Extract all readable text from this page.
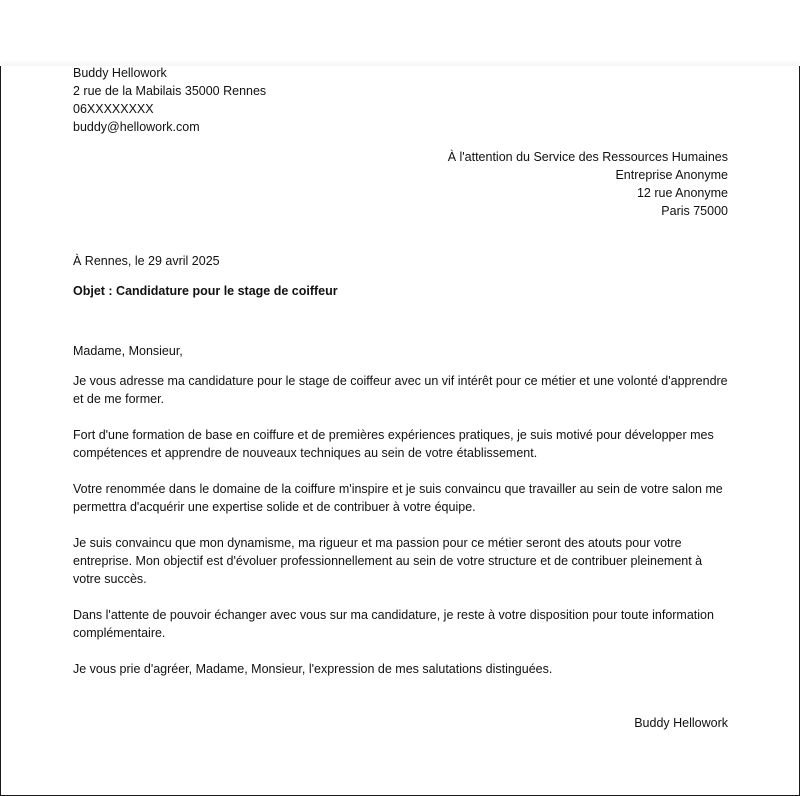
Buddy Hellowork
2 rue de la Mabilais 35000 Rennes
06XXXXXXXX
buddy@hellowork.com
À l'attention du Service des Ressources Humaines
Entreprise Anonyme
12 rue Anonyme
Paris 75000
À Rennes, le 29 avril 2025
Objet : Candidature pour le stage de coiffeur
Madame, Monsieur,
Je vous adresse ma candidature pour le stage de coiffeur avec un vif intérêt pour ce métier et une volonté d'apprendre et de me former.
Fort d'une formation de base en coiffure et de premières expériences pratiques, je suis motivé pour développer mes compétences et apprendre de nouveaux techniques au sein de votre établissement.
Votre renommée dans le domaine de la coiffure m'inspire et je suis convaincu que travailler au sein de votre salon me permettra d'acquérir une expertise solide et de contribuer à votre équipe.
Je suis convaincu que mon dynamisme, ma rigueur et ma passion pour ce métier seront des atouts pour votre entreprise. Mon objectif est d'évoluer professionnellement au sein de votre structure et de contribuer pleinement à votre succès.
Dans l'attente de pouvoir échanger avec vous sur ma candidature, je reste à votre disposition pour toute information complémentaire.
Je vous prie d'agréer, Madame, Monsieur, l'expression de mes salutations distinguées.
Buddy Hellowork
